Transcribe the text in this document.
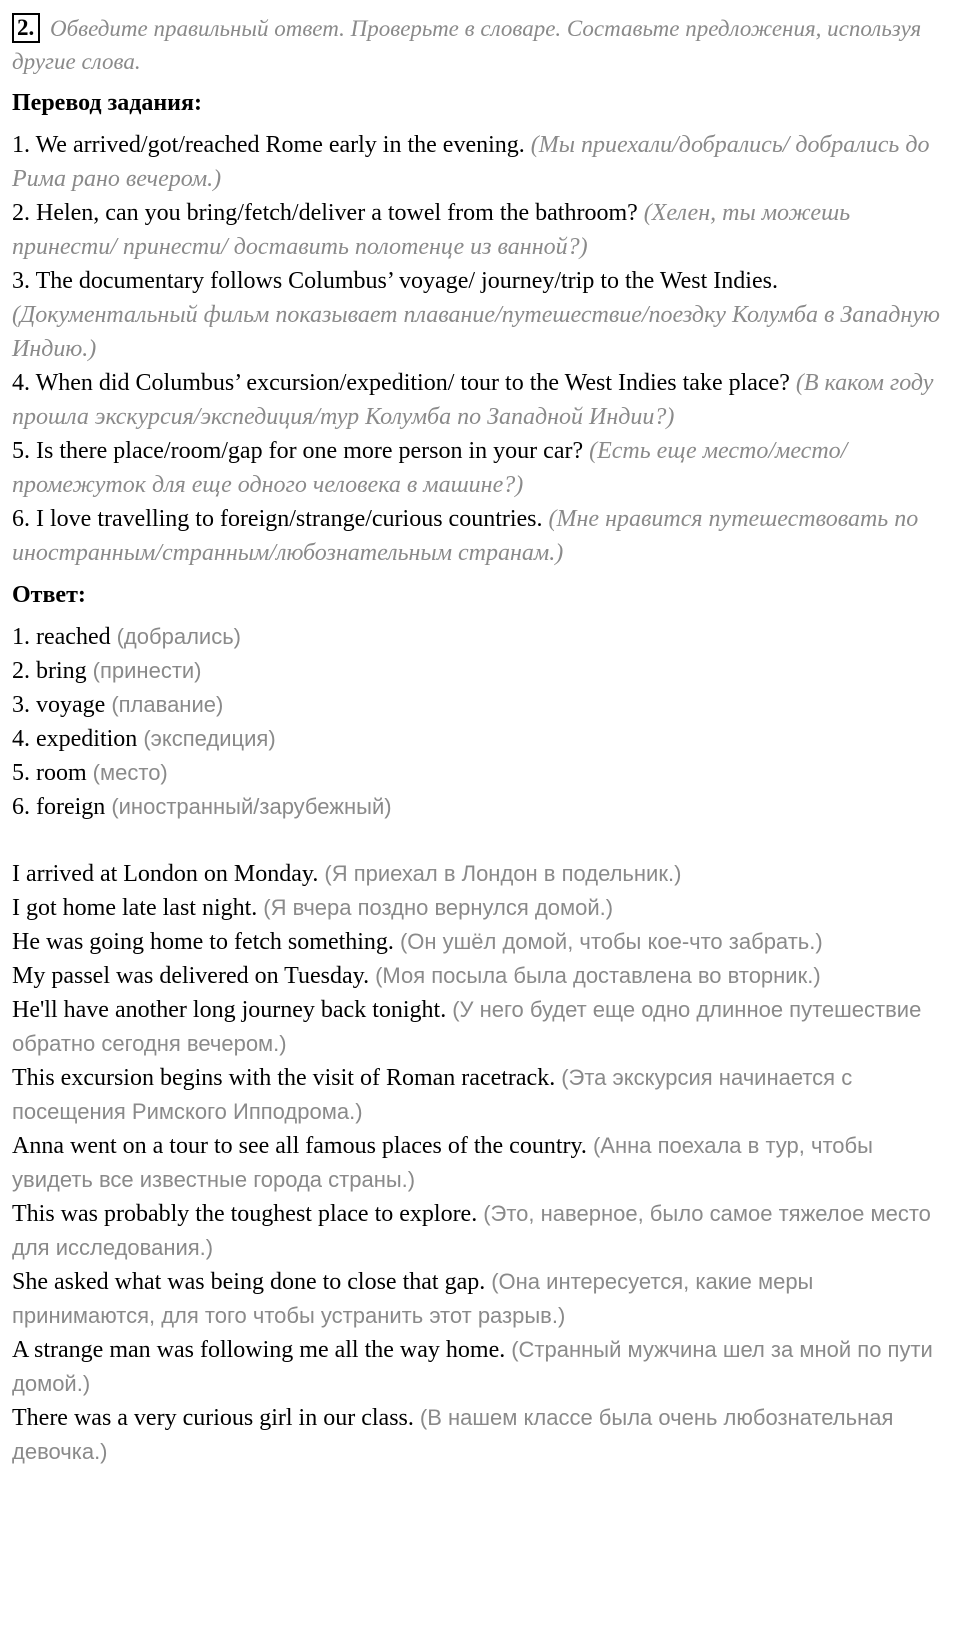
2. Обведите правильный ответ. Проверьте в словаре. Составьте предложения, используя другие слова.
Перевод задания:

1. We arrived/got/reached Rome early in the evening. (Мы приехали/добрались/ добрались до Рима рано вечером.)

2. Helen, can you bring/fetch/deliver a towel from the bathroom? (Хелен, ты можешь принести/ принести/ доставить полотенце из ванной?)

3. The documentary follows Columbus’ voyage/ journey/trip to the West Indies. (Документальный фильм показывает плавание/путешествие/поездку Колумба в Западную Индию.)

4. When did Columbus’ excursion/expedition/ tour to the West Indies take place? (В каком году прошла экскурсия/экспедиция/тур Колумба по Западной Индии?)

5. Is there place/room/gap for one more person in your car? (Есть еще место/место/промежуток для еще одного человека в машине?)

6. I love travelling to foreign/strange/curious countries. (Мне нравится путешествовать по иностранным/странным/любознательным странам.)

Ответ:

1. reached (добрались)

2. bring (принести)

3. voyage (плавание)

4. expedition (экспедиция)

5. room (место)

6. foreign (иностранный/зарубежный)

I arrived at London on Monday. (Я приехал в Лондон в подельник.)

I got home late last night. (Я вчера поздно вернулся домой.)

He was going home to fetch something. (Он ушёл домой, чтобы кое-что забрать.)

My passel was delivered on Tuesday. (Моя посыла была доставлена во вторник.)

He'll have another long journey back tonight. (У него будет еще одно длинное путешествие обратно сегодня вечером.)

This excursion begins with the visit of Roman racetrack. (Эта экскурсия начинается с посещения Римского Ипподрома.)

Anna went on a tour to see all famous places of the country. (Анна поехала в тур, чтобы увидеть все известные города страны.)

This was probably the toughest place to explore. (Это, наверное, было самое тяжелое место для исследования.)

She asked what was being done to close that gap. (Она интересуется, какие меры принимаются, для того чтобы устранить этот разрыв.)

A strange man was following me all the way home. (Странный мужчина шел за мной по пути домой.)

There was a very curious girl in our class. (В нашем классе была очень любознательная девочка.)
